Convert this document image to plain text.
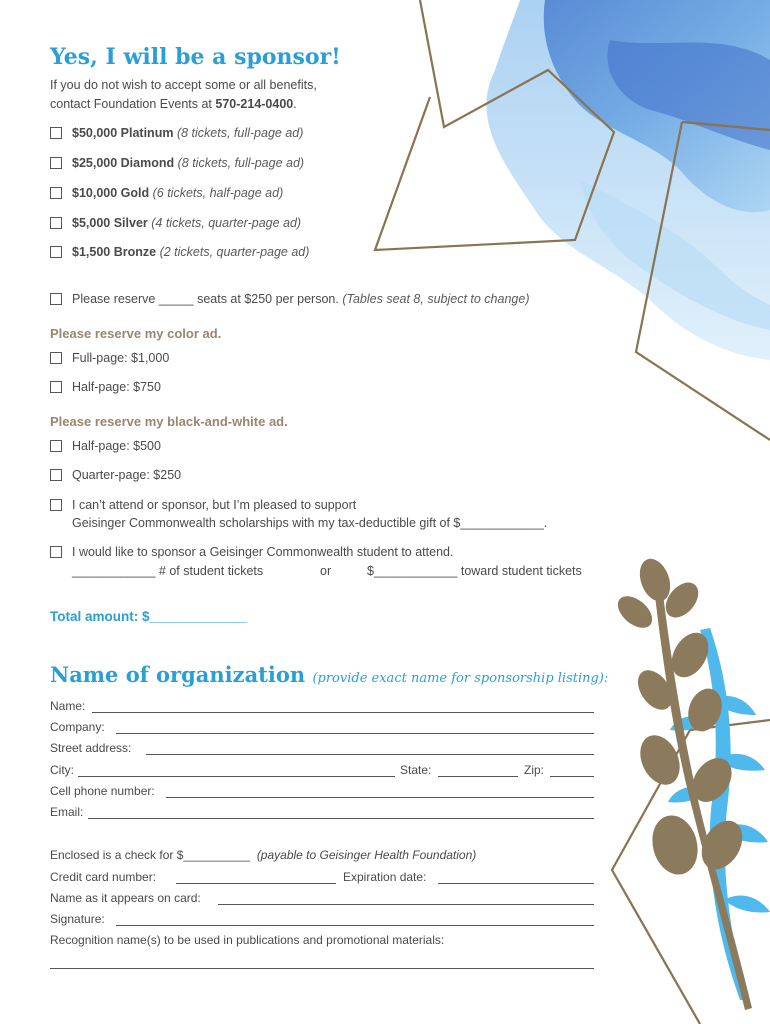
Yes, I will be a sponsor!
If you do not wish to accept some or all benefits,
contact Foundation Events at 570-214-0400.
$50,000 Platinum (8 tickets, full-page ad)
$25,000 Diamond (8 tickets, full-page ad)
$10,000 Gold (6 tickets, half-page ad)
$5,000 Silver (4 tickets, quarter-page ad)
$1,500 Bronze (2 tickets, quarter-page ad)
Please reserve _____ seats at $250 per person. (Tables seat 8, subject to change)
Please reserve my color ad.
Full-page: $1,000
Half-page: $750
Please reserve my black-and-white ad.
Half-page: $500
Quarter-page: $250
I can’t attend or sponsor, but I’m pleased to support
Geisinger Commonwealth scholarships with my tax-deductible gift of $____________.
I would like to sponsor a Geisinger Commonwealth student to attend.
____________ # of student tickets	or	$____________ toward student tickets
Total amount: $_____________
Name of organization (provide exact name for sponsorship listing):
Name:
Company:
Street address:
City:	State:	Zip:
Cell phone number:
Email:
Enclosed is a check for $__________ (payable to Geisinger Health Foundation)
Credit card number:	Expiration date:
Name as it appears on card:
Signature:
Recognition name(s) to be used in publications and promotional materials:
